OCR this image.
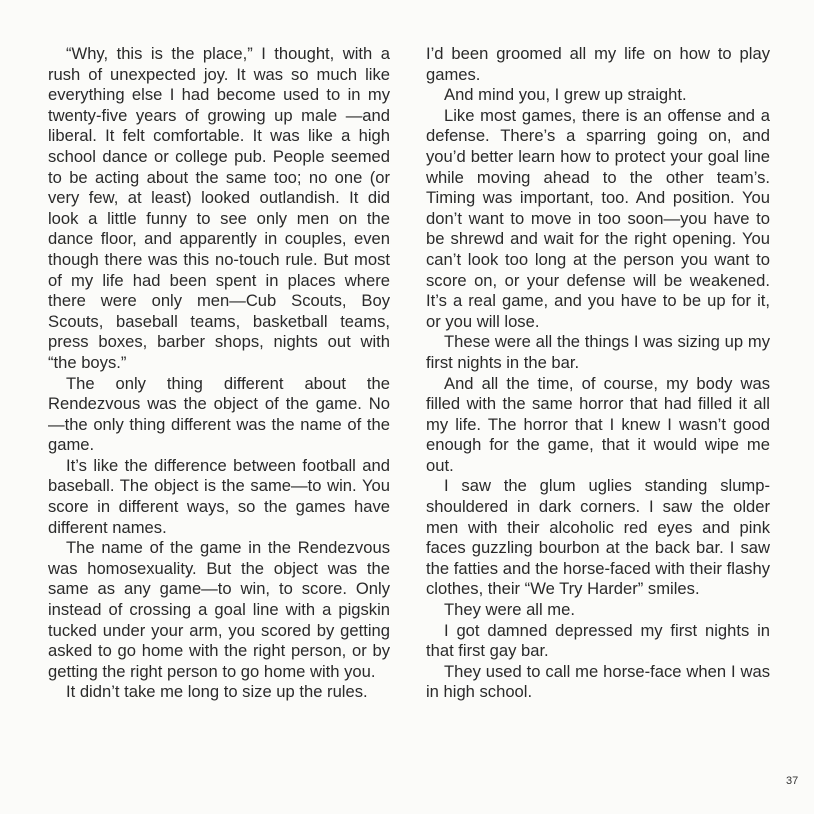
“Why, this is the place,” I thought, with a rush of unexpected joy. It was so much like everything else I had become used to in my twenty-five years of growing up male —and liberal. It felt comfortable. It was like a high school dance or college pub. People seemed to be acting about the same too; no one (or very few, at least) looked outlandish. It did look a little funny to see only men on the dance floor, and apparently in couples, even though there was this no-touch rule. But most of my life had been spent in places where there were only men—Cub Scouts, Boy Scouts, baseball teams, basketball teams, press boxes, barber shops, nights out with “the boys.”

The only thing different about the Rendezvous was the object of the game. No—the only thing different was the name of the game.

It’s like the difference between football and baseball. The object is the same—to win. You score in different ways, so the games have different names.

The name of the game in the Rendezvous was homosexuality. But the object was the same as any game—to win, to score. Only instead of crossing a goal line with a pigskin tucked under your arm, you scored by getting asked to go home with the right person, or by getting the right person to go home with you.

It didn’t take me long to size up the rules.

I’d been groomed all my life on how to play games.

And mind you, I grew up straight.

Like most games, there is an offense and a defense. There’s a sparring going on, and you’d better learn how to protect your goal line while moving ahead to the other team’s. Timing was important, too. And position. You don’t want to move in too soon—you have to be shrewd and wait for the right opening. You can’t look too long at the person you want to score on, or your defense will be weakened. It’s a real game, and you have to be up for it, or you will lose.

These were all the things I was sizing up my first nights in the bar.

And all the time, of course, my body was filled with the same horror that had filled it all my life. The horror that I knew I wasn’t good enough for the game, that it would wipe me out.

I saw the glum uglies standing slump-shouldered in dark corners. I saw the older men with their alcoholic red eyes and pink faces guzzling bourbon at the back bar. I saw the fatties and the horse-faced with their flashy clothes, their “We Try Harder” smiles.

They were all me.

I got damned depressed my first nights in that first gay bar.

They used to call me horse-face when I was in high school.

37
